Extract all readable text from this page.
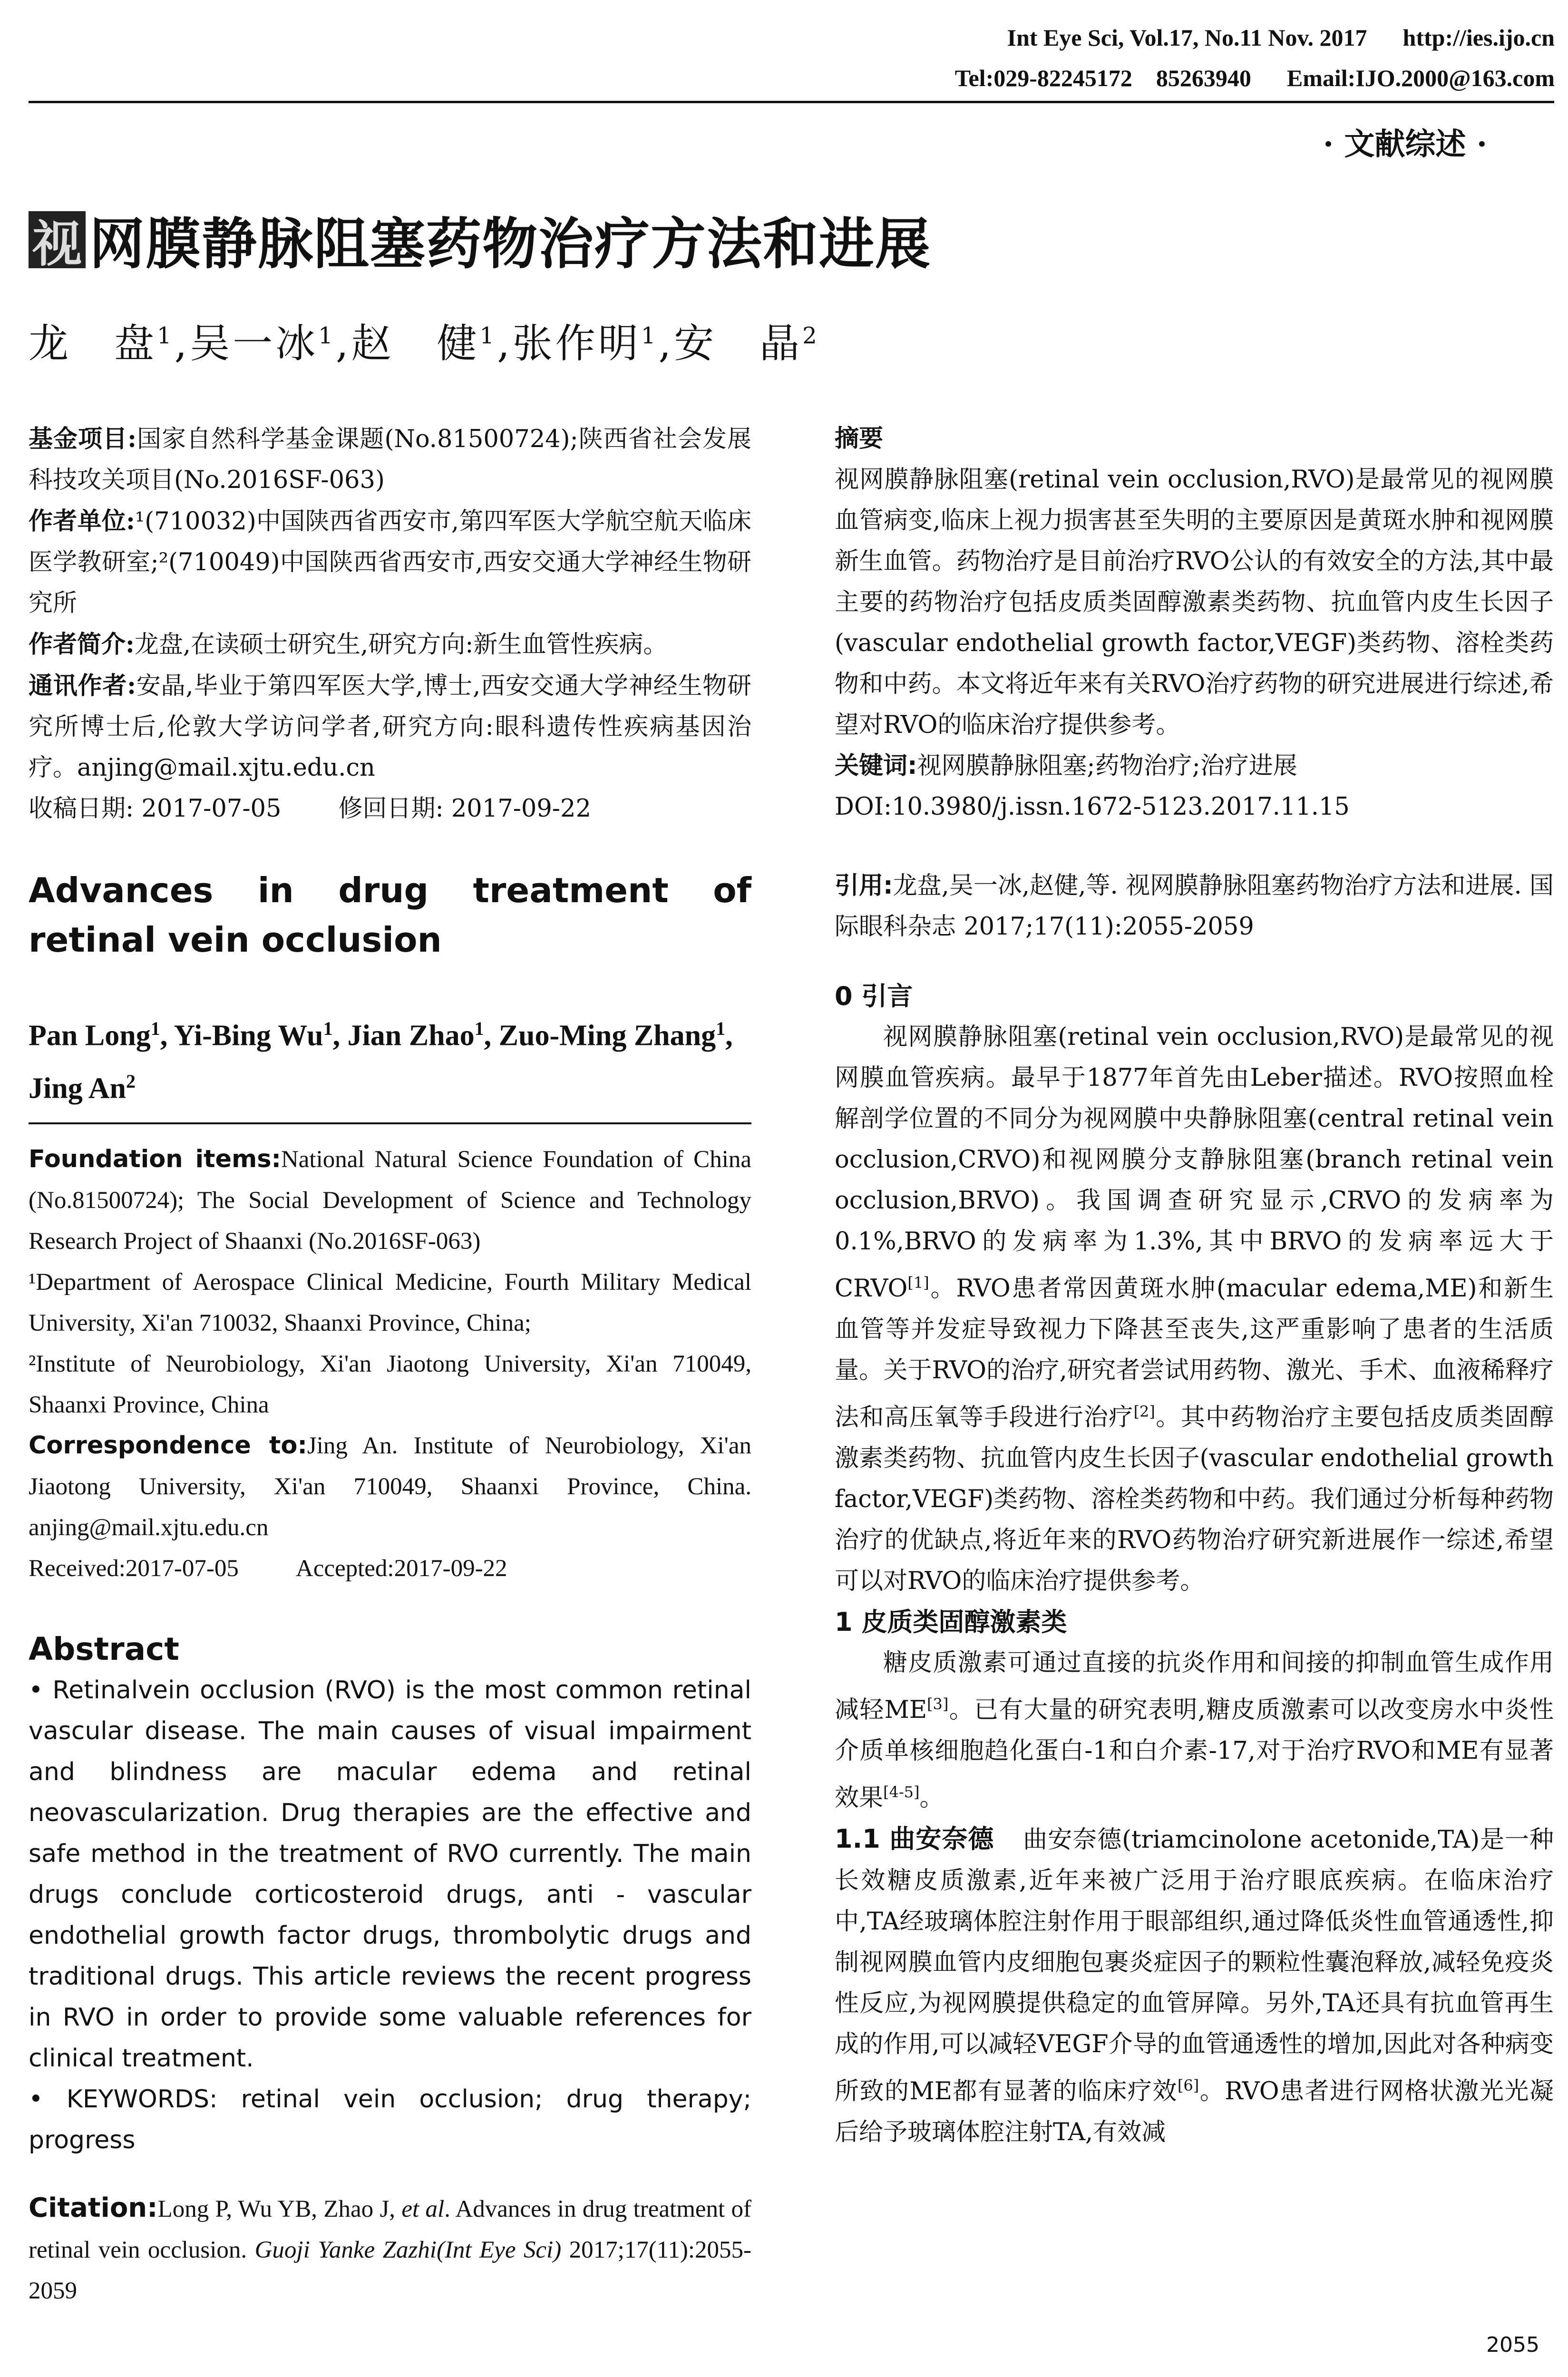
Int Eye Sci, Vol.17, No.11 Nov. 2017      http://ies.ijo.cn
Tel:029-82245172    85263940      Email:IJO.2000@163.com
· 文献综述 ·
视 网膜静脉阻塞药物治疗方法和进展
龙　盘$^1$,吴一冰$^1$,赵　健$^1$,张作明$^1$,安　晶$^2$

基金项目:国家自然科学基金课题(No.81500724);陕西省社会发展科技攻关项目(No.2016SF-063)

作者单位:¹(710032)中国陕西省西安市,第四军医大学航空航天临床医学教研室;²(710049)中国陕西省西安市,西安交通大学神经生物研究所

作者简介:龙盘,在读硕士研究生,研究方向:新生血管性疾病。

通讯作者:安晶,毕业于第四军医大学,博士,西安交通大学神经生物研究所博士后,伦敦大学访问学者,研究方向:眼科遗传性疾病基因治疗。anjing@mail.xjtu.edu.cn

收稿日期: 2017-07-05 修回日期: 2017-09-22

Advances in drug treatment of retinal vein occlusion
Pan Long$^1$, Yi-Bing Wu$^1$, Jian Zhao$^1$, Zuo-Ming Zhang$^1$, Jing An$^2$

Foundation items:National Natural Science Foundation of China (No.81500724); The Social Development of Science and Technology Research Project of Shaanxi (No.2016SF-063)

¹Department of Aerospace Clinical Medicine, Fourth Military Medical University, Xi'an 710032, Shaanxi Province, China;

²Institute of Neurobiology, Xi'an Jiaotong University, Xi'an 710049, Shaanxi Province, China

Correspondence to:Jing An. Institute of Neurobiology, Xi'an Jiaotong University, Xi'an 710049, Shaanxi Province, China. anjing@mail.xjtu.edu.cn

Received:2017-07-05 Accepted:2017-09-22

Abstract
• Retinalvein occlusion (RVO) is the most common retinal vascular disease. The main causes of visual impairment and blindness are macular edema and retinal neovascularization. Drug therapies are the effective and safe method in the treatment of RVO currently. The main drugs conclude corticosteroid drugs, anti - vascular endothelial growth factor drugs, thrombolytic drugs and traditional drugs. This article reviews the recent progress in RVO in order to provide some valuable references for clinical treatment.
• KEYWORDS: retinal vein occlusion; drug therapy; progress

Citation:Long P, Wu YB, Zhao J, et al. Advances in drug treatment of retinal vein occlusion. Guoji Yanke Zazhi(Int Eye Sci) 2017;17(11):2055-2059

摘要

视网膜静脉阻塞(retinal vein occlusion,RVO)是最常见的视网膜血管病变,临床上视力损害甚至失明的主要原因是黄斑水肿和视网膜新生血管。药物治疗是目前治疗RVO公认的有效安全的方法,其中最主要的药物治疗包括皮质类固醇激素类药物、抗血管内皮生长因子(vascular endothelial growth factor,VEGF)类药物、溶栓类药物和中药。本文将近年来有关RVO治疗药物的研究进展进行综述,希望对RVO的临床治疗提供参考。

关键词:视网膜静脉阻塞;药物治疗;治疗进展

DOI:10.3980/j.issn.1672-5123.2017.11.15

引用:龙盘,吴一冰,赵健,等. 视网膜静脉阻塞药物治疗方法和进展. 国际眼科杂志 2017;17(11):2055-2059

0 引言

视网膜静脉阻塞(retinal vein occlusion,RVO)是最常见的视网膜血管疾病。最早于1877年首先由Leber描述。RVO按照血栓解剖学位置的不同分为视网膜中央静脉阻塞(central retinal vein occlusion,CRVO)和视网膜分支静脉阻塞(branch retinal vein occlusion,BRVO)。我国调查研究显示,CRVO的发病率为0.1%,BRVO的发病率为1.3%,其中BRVO的发病率远大于CRVO[1]。RVO患者常因黄斑水肿(macular edema,ME)和新生血管等并发症导致视力下降甚至丧失,这严重影响了患者的生活质量。关于RVO的治疗,研究者尝试用药物、激光、手术、血液稀释疗法和高压氧等手段进行治疗[2]。其中药物治疗主要包括皮质类固醇激素类药物、抗血管内皮生长因子(vascular endothelial growth factor,VEGF)类药物、溶栓类药物和中药。我们通过分析每种药物治疗的优缺点,将近年来的RVO药物治疗研究新进展作一综述,希望可以对RVO的临床治疗提供参考。

1 皮质类固醇激素类

糖皮质激素可通过直接的抗炎作用和间接的抑制血管生成作用减轻ME[3]。已有大量的研究表明,糖皮质激素可以改变房水中炎性介质单核细胞趋化蛋白-1和白介素-17,对于治疗RVO和ME有显著效果[4-5]。

1.1 曲安奈德 曲安奈德(triamcinolone acetonide,TA)是一种长效糖皮质激素,近年来被广泛用于治疗眼底疾病。在临床治疗中,TA经玻璃体腔注射作用于眼部组织,通过降低炎性血管通透性,抑制视网膜血管内皮细胞包裹炎症因子的颗粒性囊泡释放,减轻免疫炎性反应,为视网膜提供稳定的血管屏障。另外,TA还具有抗血管再生成的作用,可以减轻VEGF介导的血管通透性的增加,因此对各种病变所致的ME都有显著的临床疗效[6]。RVO患者进行网格状激光光凝后给予玻璃体腔注射TA,有效减

2055
